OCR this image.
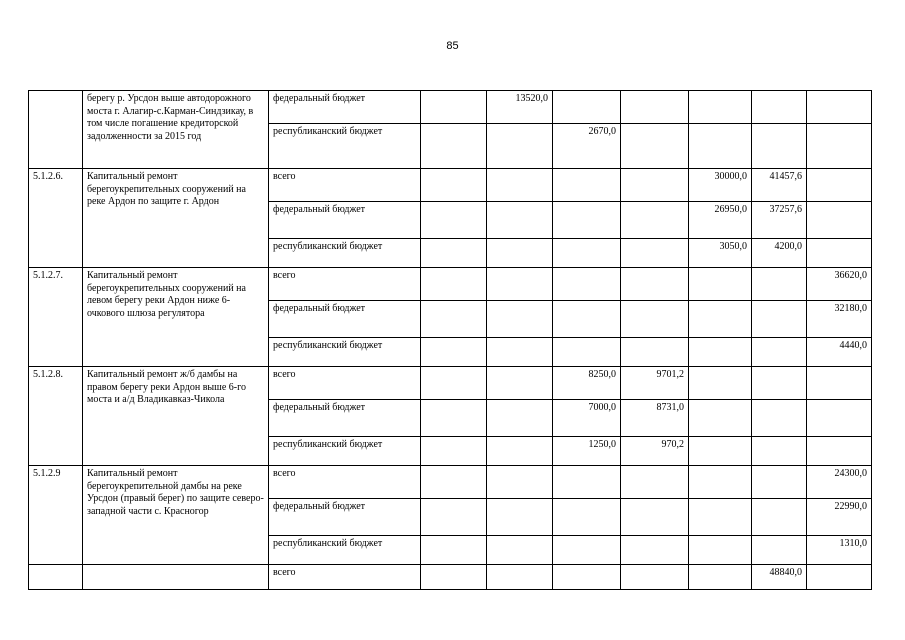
85
	берегу р. Урсдон выше автодорожного моста г. Алагир-с.Карман-Синдзикау, в том числе погашение кредиторской задолженности за 2015 год	федеральный бюджет		13520,0					
		республиканский бюджет			2670,0				
5.1.2.6.	Капитальный ремонт берегоукрепительных сооружений на реке Ардон по защите г. Ардон	всего					30000,0	41457,6	
		федеральный бюджет					26950,0	37257,6	
		республиканский бюджет					3050,0	4200,0	
5.1.2.7.	Капитальный ремонт берегоукрепительных сооружений на левом берегу реки Ардон ниже 6- очкового шлюза регулятора	всего							36620,0
		федеральный бюджет							32180,0
		республиканский бюджет							4440,0
5.1.2.8.	Капитальный ремонт ж/б дамбы на правом берегу реки Ардон выше 6-го моста и а/д Владикавказ-Чикола	всего			8250,0	9701,2			
		федеральный бюджет			7000,0	8731,0			
		республиканский бюджет			1250,0	970,2			
5.1.2.9	Капитальный ремонт берегоукрепительной дамбы на реке Урсдон (правый берег) по защите северо-западной части с. Красногор	всего							24300,0
		федеральный бюджет							22990,0
		республиканский бюджет							1310,0
		всего						48840,0	
